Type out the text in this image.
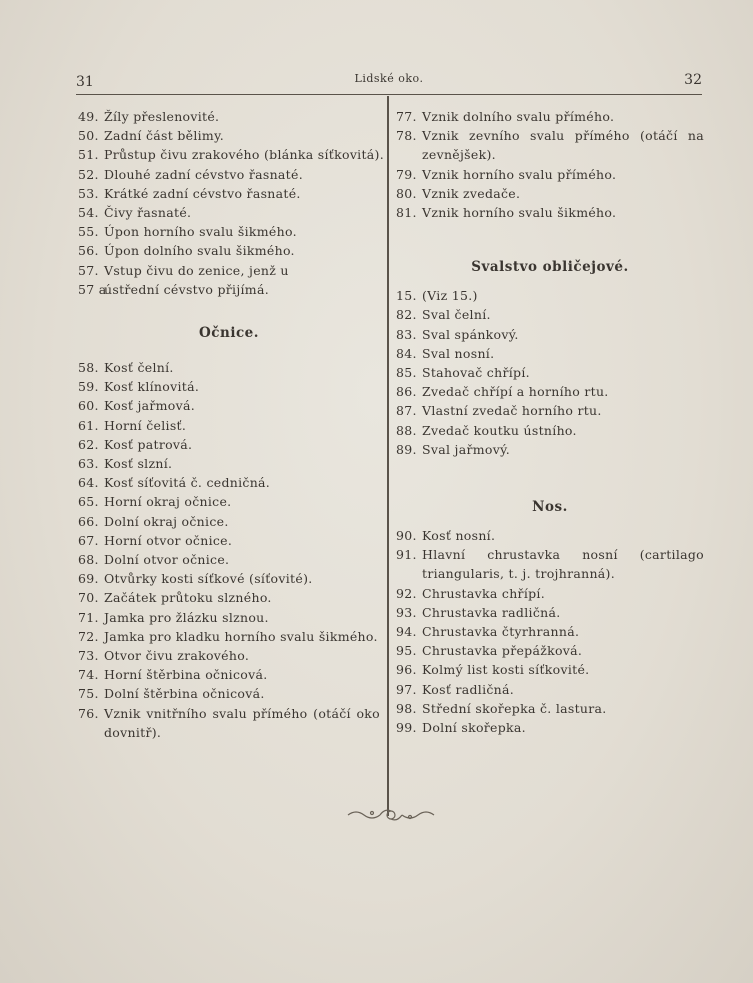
31	Lidské oko.	32
49. Žíly přeslenovité.
50. Zadní část bělimy.
51. Průstup čivu zrakového (blánka síťkovitá).
52. Dlouhé zadní cévstvo řasnaté.
53. Krátké zadní cévstvo řasnaté.
54. Čivy řasnaté.
55. Úpon horního svalu šikmého.
56. Úpon dolního svalu šikmého.
57. Vstup čivu do zenice, jenž u
57 a
ústřední cévstvo přijímá.
Očnice.
58. Kosť čelní.
59. Kosť klínovitá.
60. Kosť jařmová.
61. Horní čelisť.
62. Kosť patrová.
63. Kosť slzní.
64. Kosť síťovitá č. cedničná.
65. Horní okraj očnice.
66. Dolní okraj očnice.
67. Horní otvor očnice.
68. Dolní otvor očnice.
69. Otvůrky kosti síťkové (síťovité).
70. Začátek průtoku slzného.
71. Jamka pro žlázku slznou.
72. Jamka pro kladku horního svalu šikmého.
73. Otvor čivu zrakového.
74. Horní štěrbina očnicová.
75. Dolní štěrbina očnicová.
76. Vznik vnitřního svalu přímého (otáčí oko dovnitř).
77. Vznik dolního svalu přímého.
78. Vznik zevního svalu přímého (otáčí na zevnějšek).
79. Vznik horního svalu přímého.
80. Vznik zvedače.
81. Vznik horního svalu šikmého.
Svalstvo obličejové.
15. (Viz 15.)
82. Sval čelní.
83. Sval spánkový.
84. Sval nosní.
85. Stahovač chřípí.
86. Zvedač chřípí a horního rtu.
87. Vlastní zvedač horního rtu.
88. Zvedač koutku ústního.
89. Sval jařmový.
Nos.
90. Kosť nosní.
91. Hlavní chrustavka nosní (cartilago triangularis, t. j. trojhranná).
92. Chrustavka chřípí.
93. Chrustavka radličná.
94. Chrustavka čtyrhranná.
95. Chrustavka přepážková.
96. Kolmý list kosti síťkovité.
97. Kosť radličná.
98. Střední skořepka č. lastura.
99. Dolní skořepka.
